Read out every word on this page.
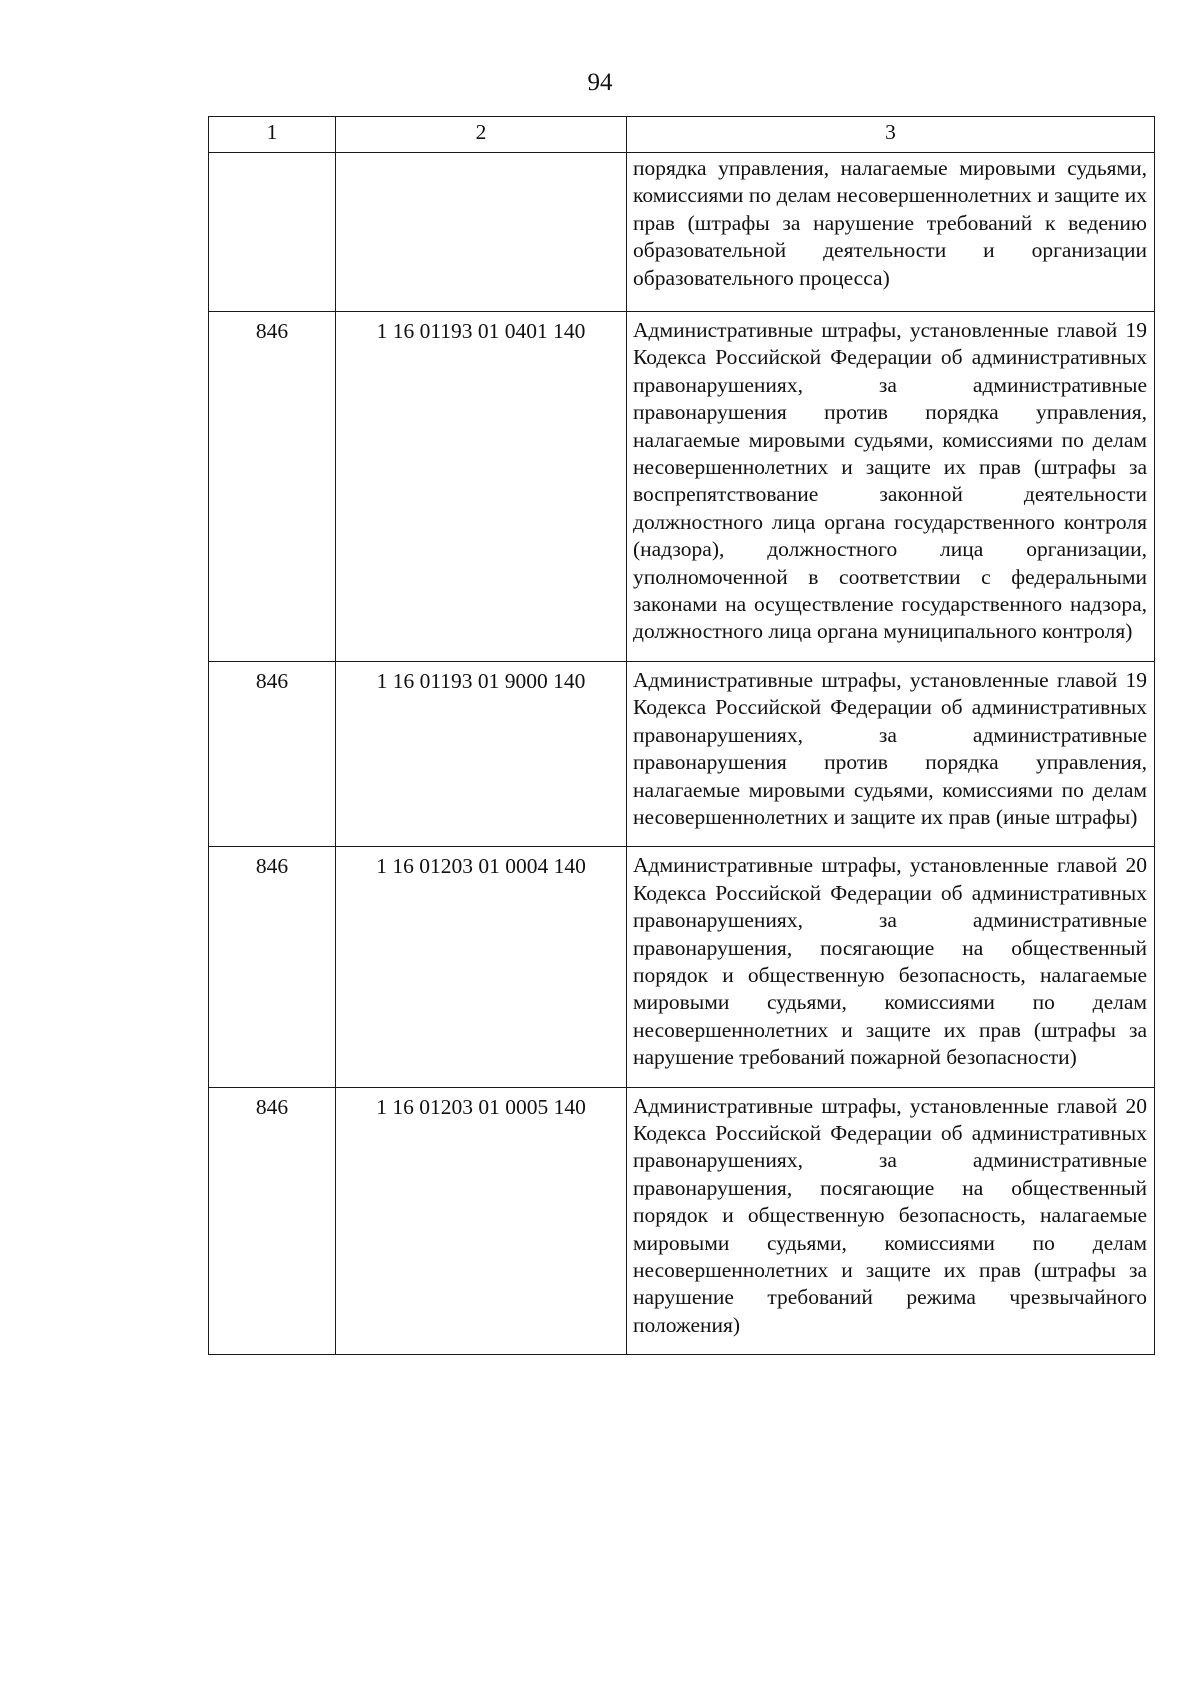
94
1	2	3
		порядка управления, налагаемые мировыми судьями, комиссиями по делам несовершеннолетних и защите их прав (штрафы за нарушение требований к ведению образовательной деятельности и организации образовательного процесса)
846	1 16 01193 01 0401 140	Административные штрафы, установленные главой 19 Кодекса Российской Федерации об административных правонарушениях, за административные правонарушения против порядка управления, налагаемые мировыми судьями, комиссиями по делам несовершеннолетних и защите их прав (штрафы за воспрепятствование законной деятельности должностного лица органа государственного контроля (надзора), должностного лица организации, уполномоченной в соответствии с федеральными законами на осуществление государственного надзора, должностного лица органа муниципального контроля)
846	1 16 01193 01 9000 140	Административные штрафы, установленные главой 19 Кодекса Российской Федерации об административных правонарушениях, за административные правонарушения против порядка управления, налагаемые мировыми судьями, комиссиями по делам несовершеннолетних и защите их прав (иные штрафы)
846	1 16 01203 01 0004 140	Административные штрафы, установленные главой 20 Кодекса Российской Федерации об административных правонарушениях, за административные правонарушения, посягающие на общественный порядок и общественную безопасность, налагаемые мировыми судьями, комиссиями по делам несовершеннолетних и защите их прав (штрафы за нарушение требований пожарной безопасности)
846	1 16 01203 01 0005 140	Административные штрафы, установленные главой 20 Кодекса Российской Федерации об административных правонарушениях, за административные правонарушения, посягающие на общественный порядок и общественную безопасность, налагаемые мировыми судьями, комиссиями по делам несовершеннолетних и защите их прав (штрафы за нарушение требований режима чрезвычайного положения)
